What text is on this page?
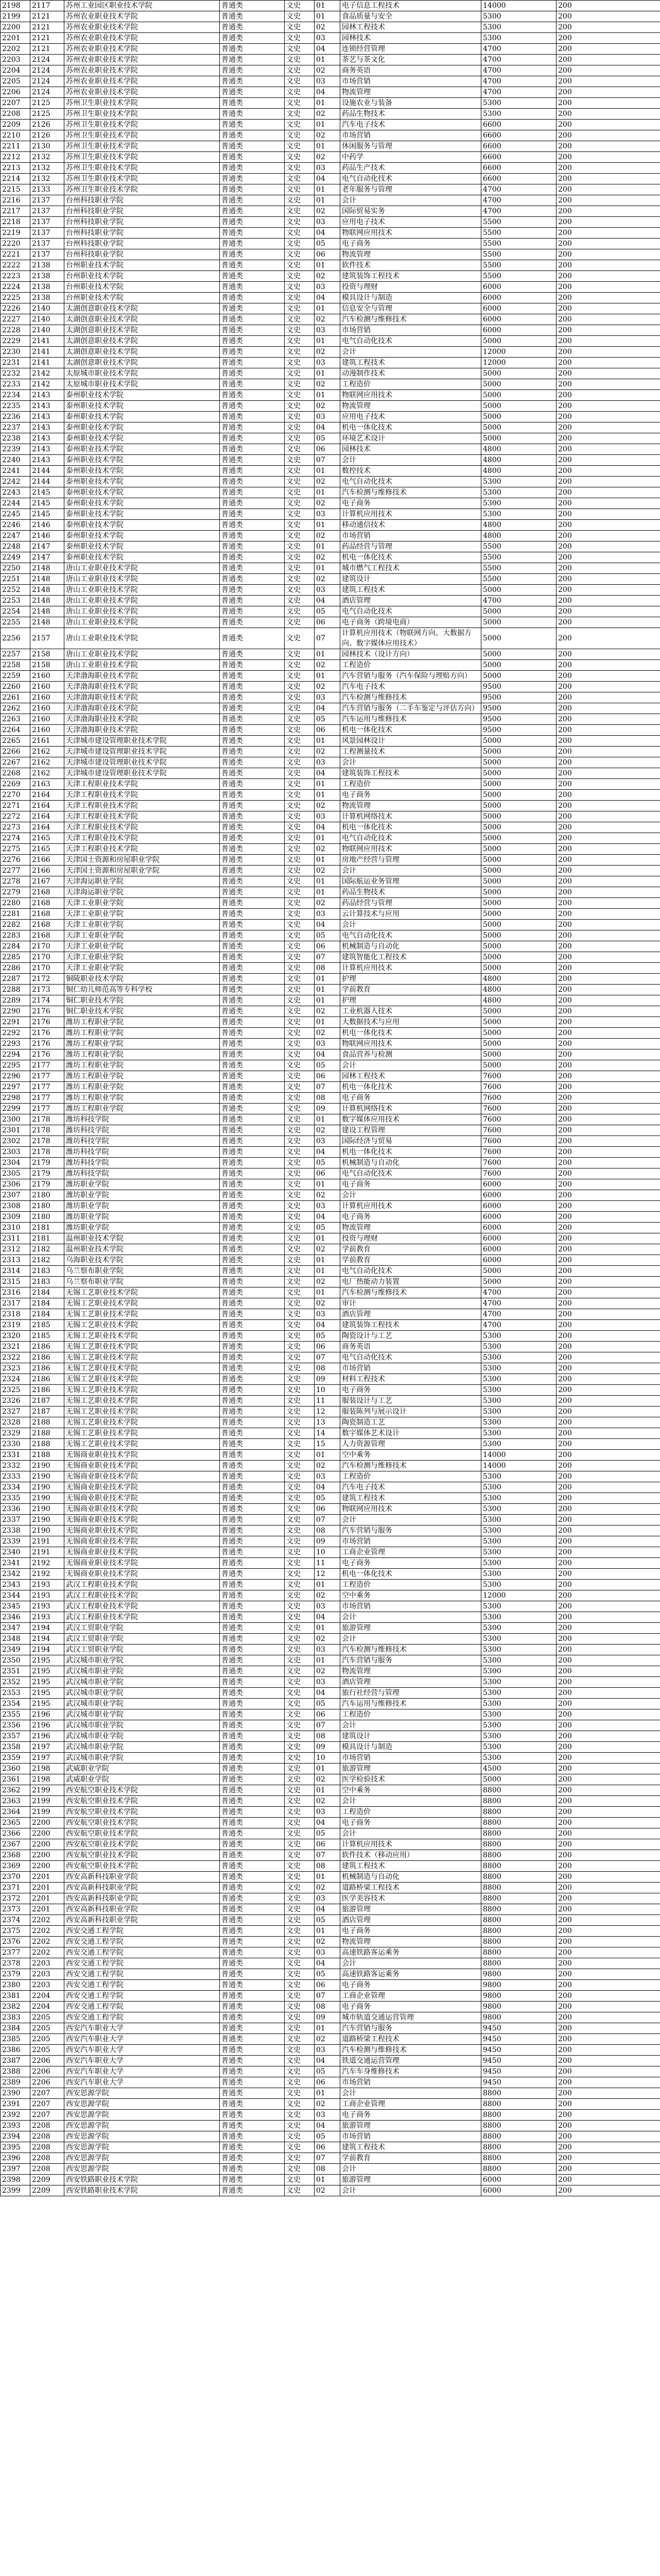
2198	2117	苏州工业园区职业技术学院	普通类	文史	01	电子信息工程技术	14000	200
2199	2121	苏州农业职业技术学院	普通类	文史	01	食品质量与安全	5300	200
2200	2121	苏州农业职业技术学院	普通类	文史	02	园林工程技术	5300	200
2201	2121	苏州农业职业技术学院	普通类	文史	03	园林技术	5300	200
2202	2121	苏州农业职业技术学院	普通类	文史	04	连锁经营管理	4700	200
2203	2124	苏州农业职业技术学院	普通类	文史	01	茶艺与茶文化	4700	200
2204	2124	苏州农业职业技术学院	普通类	文史	02	商务英语	4700	200
2205	2124	苏州农业职业技术学院	普通类	文史	03	市场营销	4700	200
2206	2124	苏州农业职业技术学院	普通类	文史	04	物流管理	4700	200
2207	2125	苏州卫生职业技术学院	普通类	文史	01	设施农业与装备	5300	200
2208	2125	苏州卫生职业技术学院	普通类	文史	02	药品生物技术	5300	200
2209	2126	苏州卫生职业技术学院	普通类	文史	01	汽车电子技术	6600	200
2210	2126	苏州卫生职业技术学院	普通类	文史	02	市场营销	6600	200
2211	2130	苏州卫生职业技术学院	普通类	文史	01	休闲服务与管理	6600	200
2212	2132	苏州卫生职业技术学院	普通类	文史	02	中药学	6600	200
2213	2132	苏州卫生职业技术学院	普通类	文史	03	药品生产技术	6600	200
2214	2132	苏州卫生职业技术学院	普通类	文史	04	电气自动化技术	6600	200
2215	2133	苏州卫生职业技术学院	普通类	文史	01	老年服务与管理	4700	200
2216	2137	台州科技职业学院	普通类	文史	01	会计	4700	200
2217	2137	台州科技职业学院	普通类	文史	02	国际贸易实务	4700	200
2218	2137	台州科技职业学院	普通类	文史	03	应用电子技术	5500	200
2219	2137	台州科技职业学院	普通类	文史	04	物联网应用技术	5500	200
2220	2137	台州科技职业学院	普通类	文史	05	电子商务	5500	200
2221	2137	台州科技职业学院	普通类	文史	06	物流管理	5500	200
2222	2138	台州职业技术学院	普通类	文史	01	软件技术	5500	200
2223	2138	台州职业技术学院	普通类	文史	02	建筑装饰工程技术	5500	200
2224	2138	台州职业技术学院	普通类	文史	03	投资与理财	6000	200
2225	2138	台州职业技术学院	普通类	文史	04	模具设计与制造	6000	200
2226	2140	太湖创意职业技术学院	普通类	文史	01	信息安全与管理	6000	200
2227	2140	太湖创意职业技术学院	普通类	文史	02	汽车检测与维修技术	6000	200
2228	2140	太湖创意职业技术学院	普通类	文史	03	市场营销	6000	200
2229	2141	太湖创意职业技术学院	普通类	文史	01	电气自动化技术	5000	200
2230	2141	太湖创意职业技术学院	普通类	文史	02	会计	12000	200
2231	2141	太湖创意职业技术学院	普通类	文史	03	建筑工程技术	12000	200
2232	2142	太原城市职业技术学院	普通类	文史	01	动漫制作技术	5000	200
2233	2142	太原城市职业技术学院	普通类	文史	02	工程造价	5000	200
2234	2143	泰州职业技术学院	普通类	文史	01	物联网应用技术	5000	200
2235	2143	泰州职业技术学院	普通类	文史	02	物流管理	5000	200
2236	2143	泰州职业技术学院	普通类	文史	03	应用电子技术	5000	200
2237	2143	泰州职业技术学院	普通类	文史	04	机电一体化技术	5000	200
2238	2143	泰州职业技术学院	普通类	文史	05	环境艺术设计	5000	200
2239	2143	泰州职业技术学院	普通类	文史	06	园林技术	4800	200
2240	2143	泰州职业技术学院	普通类	文史	07	会计	4800	200
2241	2144	泰州职业技术学院	普通类	文史	01	数控技术	4800	200
2242	2144	泰州职业技术学院	普通类	文史	02	电气自动化技术	5300	200
2243	2145	泰州职业技术学院	普通类	文史	01	汽车检测与维修技术	5300	200
2244	2145	泰州职业技术学院	普通类	文史	02	电子商务	5300	200
2245	2145	泰州职业技术学院	普通类	文史	03	计算机应用技术	5300	200
2246	2146	泰州职业技术学院	普通类	文史	01	移动通信技术	4800	200
2247	2146	泰州职业技术学院	普通类	文史	02	市场营销	4800	200
2248	2147	泰州职业技术学院	普通类	文史	01	药品经营与管理	5500	200
2249	2147	泰州职业技术学院	普通类	文史	02	机电一体化技术	5500	200
2250	2148	唐山工业职业技术学院	普通类	文史	01	城市燃气工程技术	5500	200
2251	2148	唐山工业职业技术学院	普通类	文史	02	建筑设计	5500	200
2252	2148	唐山工业职业技术学院	普通类	文史	03	建筑工程技术	5000	200
2253	2148	唐山工业职业技术学院	普通类	文史	04	酒店管理	4700	200
2254	2148	唐山工业职业技术学院	普通类	文史	05	电气自动化技术	5000	200
2255	2148	唐山工业职业技术学院	普通类	文史	06	电子商务（跨境电商）	5000	200
2256	2157	唐山工业职业技术学院	普通类	文史	07	计算机应用技术（物联网方向、大数据方向、数字媒体应用技术）	5000	200
2257	2158	唐山工业职业技术学院	普通类	文史	01	园林技术（设计方向）	5000	200
2258	2158	唐山工业职业技术学院	普通类	文史	02	工程造价	5000	200
2259	2160	天津渤海职业技术学院	普通类	文史	01	汽车营销与服务（汽车保险与理赔方向）	5000	200
2260	2160	天津渤海职业技术学院	普通类	文史	02	汽车电子技术	9500	200
2261	2160	天津渤海职业技术学院	普通类	文史	03	汽车检测与维修技术	9500	200
2262	2160	天津渤海职业技术学院	普通类	文史	04	汽车营销与服务（二手车鉴定与评估方向）	9500	200
2263	2160	天津渤海职业技术学院	普通类	文史	05	汽车运用与维修技术	9500	200
2264	2160	天津渤海职业技术学院	普通类	文史	06	机电一体化技术	9500	200
2265	2161	天津城市建设管理职业技术学院	普通类	文史	01	风景园林设计	5000	200
2266	2162	天津城市建设管理职业技术学院	普通类	文史	02	工程测量技术	5000	200
2267	2162	天津城市建设管理职业技术学院	普通类	文史	03	会计	5000	200
2268	2162	天津城市建设管理职业技术学院	普通类	文史	04	建筑装饰工程技术	5000	200
2269	2163	天津工程职业技术学院	普通类	文史	01	工程造价	5000	200
2270	2164	天津工程职业技术学院	普通类	文史	01	电子商务	5000	200
2271	2164	天津工程职业技术学院	普通类	文史	02	物流管理	5000	200
2272	2164	天津工程职业技术学院	普通类	文史	03	计算机网络技术	5000	200
2273	2164	天津工程职业技术学院	普通类	文史	04	机电一体化技术	5000	200
2274	2165	天津工程职业技术学院	普通类	文史	01	电气自动化技术	5000	200
2275	2165	天津工程职业技术学院	普通类	文史	02	物联网应用技术	5000	200
2276	2166	天津国土资源和房屋职业学院	普通类	文史	01	房地产经营与管理	5000	200
2277	2166	天津国土资源和房屋职业学院	普通类	文史	02	会计	5000	200
2278	2167	天津海运职业学院	普通类	文史	01	国际航运业务管理	5000	200
2279	2168	天津海运职业学院	普通类	文史	01	药品生物技术	5000	200
2280	2168	天津工业职业学院	普通类	文史	02	药品经营与管理	5000	200
2281	2168	天津工业职业学院	普通类	文史	03	云计算技术与应用	5000	200
2282	2168	天津工业职业学院	普通类	文史	04	会计	5000	200
2283	2168	天津工业职业学院	普通类	文史	05	电气自动化技术	5000	200
2284	2170	天津工业职业学院	普通类	文史	06	机械制造与自动化	5000	200
2285	2170	天津工业职业学院	普通类	文史	07	建筑智能化工程技术	5000	200
2286	2170	天津工业职业学院	普通类	文史	08	计算机应用技术	5000	200
2287	2172	铜陵职业技术学院	普通类	文史	01	护理	4800	200
2288	2173	铜仁幼儿师范高等专科学校	普通类	文史	01	学前教育	4800	200
2289	2174	铜仁职业技术学院	普通类	文史	01	护理	4800	200
2290	2176	铜仁职业技术学院	普通类	文史	02	工业机器人技术	5000	200
2291	2176	潍坊工程职业学院	普通类	文史	01	大数据技术与应用	5000	200
2292	2176	潍坊工程职业学院	普通类	文史	02	机电一体化技术	5000	200
2293	2176	潍坊工程职业学院	普通类	文史	03	物联网应用技术	5000	200
2294	2176	潍坊工程职业学院	普通类	文史	04	食品营养与检测	5000	200
2295	2177	潍坊工程职业学院	普通类	文史	05	会计	5000	200
2296	2177	潍坊工程职业学院	普通类	文史	06	园林工程技术	7600	200
2297	2177	潍坊工程职业学院	普通类	文史	07	机电一体化技术	7600	200
2298	2177	潍坊工程职业学院	普通类	文史	08	电子商务	7600	200
2299	2177	潍坊工程职业学院	普通类	文史	09	计算机网络技术	7600	200
2300	2178	潍坊科技学院	普通类	文史	01	数字媒体应用技术	7600	200
2301	2178	潍坊科技学院	普通类	文史	02	建设工程管理	7600	200
2302	2178	潍坊科技学院	普通类	文史	03	国际经济与贸易	7600	200
2303	2178	潍坊科技学院	普通类	文史	04	机电一体化技术	7600	200
2304	2179	潍坊科技学院	普通类	文史	05	机械制造与自动化	7600	200
2305	2179	潍坊科技学院	普通类	文史	06	电气自动化技术	7600	200
2306	2179	潍坊职业学院	普通类	文史	01	电子商务	6000	200
2307	2180	潍坊职业学院	普通类	文史	02	会计	6000	200
2308	2180	潍坊职业学院	普通类	文史	03	计算机应用技术	6000	200
2309	2180	潍坊职业学院	普通类	文史	04	电子商务	6000	200
2310	2181	潍坊职业学院	普通类	文史	05	物流管理	6000	200
2311	2181	温州职业技术学院	普通类	文史	01	投资与理财	6000	200
2312	2182	温州职业技术学院	普通类	文史	02	学前教育	6000	200
2313	2182	乌海职业技术学院	普通类	文史	01	学前教育	6000	200
2314	2183	乌兰察布职业学院	普通类	文史	01	电气自动化技术	5000	200
2315	2183	乌兰察布职业学院	普通类	文史	02	电厂热能动力装置	5000	200
2316	2184	无锡工艺职业技术学院	普通类	文史	01	汽车检测与维修技术	4700	200
2317	2184	无锡工艺职业技术学院	普通类	文史	02	审计	4700	200
2318	2184	无锡工艺职业技术学院	普通类	文史	03	酒店管理	4700	200
2319	2185	无锡工艺职业技术学院	普通类	文史	04	建筑装饰工程技术	4700	200
2320	2185	无锡工艺职业技术学院	普通类	文史	05	陶瓷设计与工艺	5300	200
2321	2186	无锡工艺职业技术学院	普通类	文史	06	商务英语	5300	200
2322	2186	无锡工艺职业技术学院	普通类	文史	07	电气自动化技术	5300	200
2323	2186	无锡工艺职业技术学院	普通类	文史	08	市场营销	5300	200
2324	2186	无锡工艺职业技术学院	普通类	文史	09	材料工程技术	5300	200
2325	2186	无锡工艺职业技术学院	普通类	文史	10	电子商务	5300	200
2326	2187	无锡工艺职业技术学院	普通类	文史	11	服装设计与工艺	5300	200
2327	2187	无锡工艺职业技术学院	普通类	文史	12	服装陈列与展示设计	5300	200
2328	2188	无锡工艺职业技术学院	普通类	文史	13	陶瓷制造工艺	5300	200
2329	2188	无锡工艺职业技术学院	普通类	文史	14	数字媒体艺术设计	5300	200
2330	2188	无锡工艺职业技术学院	普通类	文史	15	人力资源管理	5300	200
2331	2188	无锡商业职业技术学院	普通类	文史	01	空中乘务	14000	200
2332	2190	无锡商业职业技术学院	普通类	文史	02	汽车检测与维修技术	14000	200
2333	2190	无锡商业职业技术学院	普通类	文史	03	工程造价	5300	200
2334	2190	无锡商业职业技术学院	普通类	文史	04	汽车电子技术	5300	200
2335	2190	无锡商业职业技术学院	普通类	文史	05	建筑工程技术	5300	200
2336	2190	无锡商业职业技术学院	普通类	文史	06	物联网应用技术	5300	200
2337	2190	无锡商业职业技术学院	普通类	文史	07	会计	5300	200
2338	2190	无锡商业职业技术学院	普通类	文史	08	汽车营销与服务	5300	200
2339	2191	无锡商业职业技术学院	普通类	文史	09	市场营销	5300	200
2340	2191	无锡商业职业技术学院	普通类	文史	10	工商企业管理	5300	200
2341	2192	无锡商业职业技术学院	普通类	文史	11	电子商务	5300	200
2342	2192	无锡商业职业技术学院	普通类	文史	12	机电一体化技术	5300	200
2343	2193	武汉工程职业技术学院	普通类	文史	01	工程造价	5300	200
2344	2193	武汉工程职业技术学院	普通类	文史	02	空中乘务	12000	200
2345	2193	武汉工程职业技术学院	普通类	文史	03	市场营销	5300	200
2346	2193	武汉工程职业技术学院	普通类	文史	04	会计	5300	200
2347	2194	武汉工贸职业学院	普通类	文史	01	旅游管理	5300	200
2348	2194	武汉工贸职业学院	普通类	文史	02	会计	5300	200
2349	2194	武汉工贸职业学院	普通类	文史	03	汽车检测与维修技术	5300	200
2350	2195	武汉城市职业学院	普通类	文史	01	汽车营销与服务	5300	200
2351	2195	武汉城市职业学院	普通类	文史	02	物流管理	5300	200
2352	2195	武汉城市职业学院	普通类	文史	03	酒店管理	5300	200
2353	2195	武汉城市职业学院	普通类	文史	04	旅行社经营与管理	5300	200
2354	2195	武汉城市职业学院	普通类	文史	05	汽车运用与维修技术	5300	200
2355	2196	武汉城市职业学院	普通类	文史	06	工程造价	5300	200
2356	2196	武汉城市职业学院	普通类	文史	07	会计	5300	200
2357	2196	武汉城市职业学院	普通类	文史	08	建筑设计	5300	200
2358	2197	武汉城市职业学院	普通类	文史	09	模具设计与制造	5300	200
2359	2197	武汉城市职业学院	普通类	文史	10	市场营销	5300	200
2360	2198	武威职业学院	普通类	文史	01	旅游管理	4500	200
2361	2198	武威职业学院	普通类	文史	02	医学检验技术	5000	200
2362	2199	西安航空职业技术学院	普通类	文史	01	空中乘务	8800	200
2363	2199	西安航空职业技术学院	普通类	文史	02	会计	8800	200
2364	2199	西安航空职业技术学院	普通类	文史	03	工程造价	8800	200
2365	2200	西安航空职业技术学院	普通类	文史	04	电子商务	8800	200
2366	2200	西安航空职业技术学院	普通类	文史	05	会计	8800	200
2367	2200	西安航空职业技术学院	普通类	文史	06	计算机应用技术	8800	200
2368	2200	西安航空职业技术学院	普通类	文史	07	软件技术（移动应用）	8800	200
2369	2200	西安航空职业技术学院	普通类	文史	08	建筑工程技术	8800	200
2370	2201	西安高新科技职业学院	普通类	文史	01	机械制造与自动化	8800	200
2371	2201	西安高新科技职业学院	普通类	文史	02	道路桥梁工程技术	8800	200
2372	2201	西安高新科技职业学院	普通类	文史	03	医学美容技术	8800	200
2373	2201	西安高新科技职业学院	普通类	文史	04	旅游管理	8800	200
2374	2202	西安高新科技职业学院	普通类	文史	05	酒店管理	8800	200
2375	2202	西安交通工程学院	普通类	文史	01	电子商务	8800	200
2376	2202	西安交通工程学院	普通类	文史	02	物流管理	8800	200
2377	2202	西安交通工程学院	普通类	文史	03	高速铁路客运乘务	8800	200
2378	2203	西安交通工程学院	普通类	文史	04	会计	8800	200
2379	2203	西安交通工程学院	普通类	文史	05	高速铁路客运乘务	9800	200
2380	2203	西安交通工程学院	普通类	文史	06	电子商务	9800	200
2381	2204	西安交通工程学院	普通类	文史	07	工商企业管理	9800	200
2382	2204	西安交通工程学院	普通类	文史	08	电子商务	9800	200
2383	2205	西安交通工程学院	普通类	文史	09	城市轨道交通运营管理	9800	200
2384	2205	西安汽车职业大学	普通类	文史	01	汽车营销与服务	9450	200
2385	2205	西安汽车职业大学	普通类	文史	02	道路桥梁工程技术	9450	200
2386	2205	西安汽车职业大学	普通类	文史	03	汽车检测与维修技术	9450	200
2387	2206	西安汽车职业大学	普通类	文史	04	铁道交通运营管理	9450	200
2388	2206	西安汽车职业大学	普通类	文史	05	汽车车身维修技术	9450	200
2389	2206	西安汽车职业大学	普通类	文史	06	市场营销	9450	200
2390	2207	西安思源学院	普通类	文史	01	会计	8800	200
2391	2207	西安思源学院	普通类	文史	02	工商企业管理	8800	200
2392	2207	西安思源学院	普通类	文史	03	电子商务	8800	200
2393	2208	西安思源学院	普通类	文史	04	旅游管理	8800	200
2394	2208	西安思源学院	普通类	文史	05	市场营销	8800	200
2395	2208	西安思源学院	普通类	文史	06	建筑工程技术	8800	200
2396	2208	西安思源学院	普通类	文史	07	学前教育	8800	200
2397	2208	西安思源学院	普通类	文史	08	会计	8800	200
2398	2209	西安铁路职业技术学院	普通类	文史	01	旅游管理	6000	200
2399	2209	西安铁路职业技术学院	普通类	文史	02	会计	6000	200
